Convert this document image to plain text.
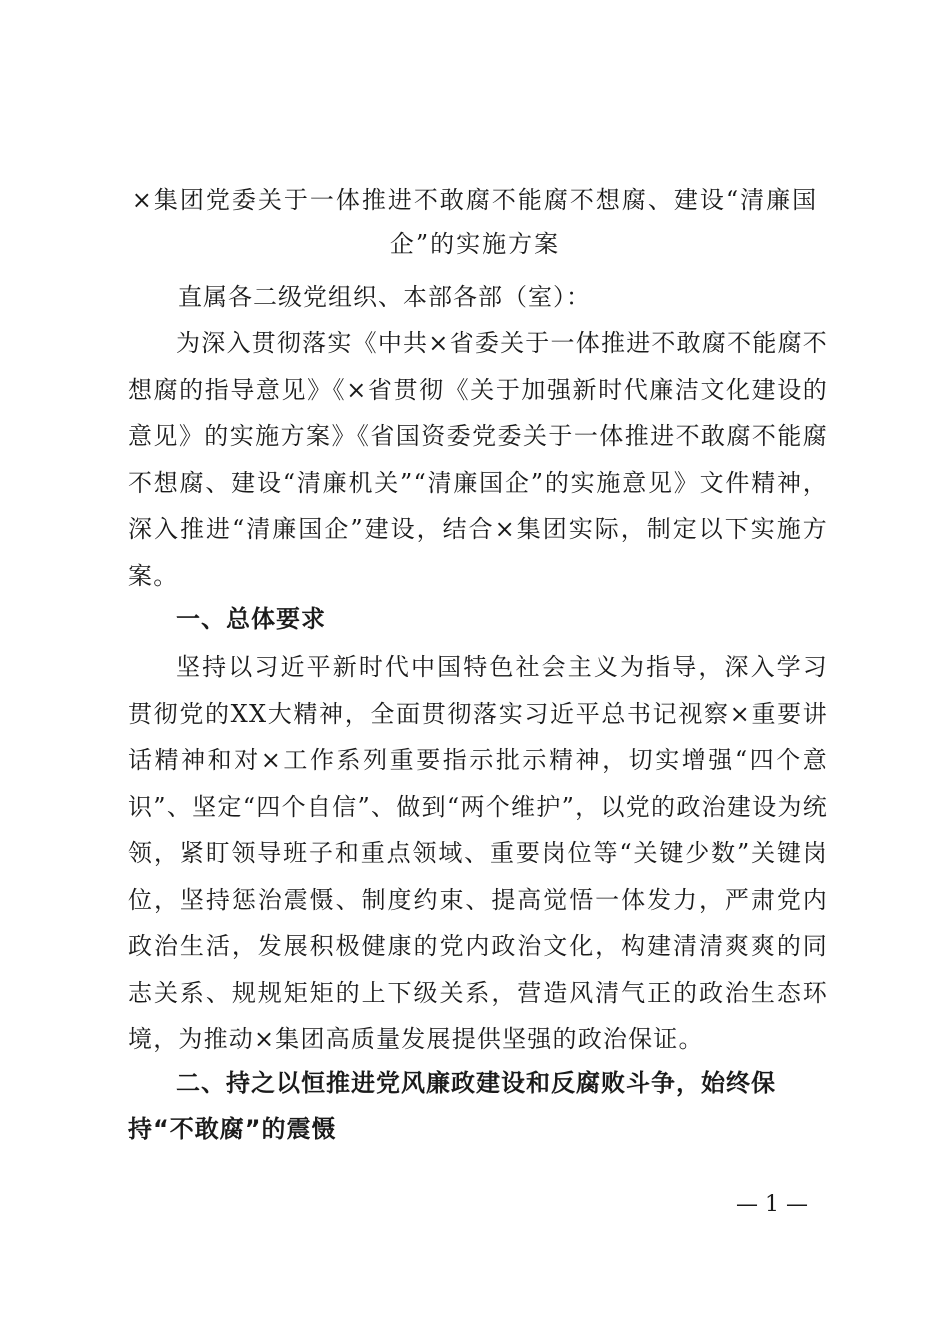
×集团党委关于一体推进不敢腐不能腐不想腐、建设“清廉国企”的实施方案
直属各二级党组织、本部各部（室）：

为深入贯彻落实《中共×省委关于一体推进不敢腐不能腐不想腐的指导意见》《×省贯彻《关于加强新时代廉洁文化建设的意见》的实施方案》《省国资委党委关于一体推进不敢腐不能腐不想腐、建设“清廉机关”“清廉国企”的实施意见》文件精神，深入推进“清廉国企”建设，结合×集团实际，制定以下实施方案。

一、总体要求

坚持以习近平新时代中国特色社会主义为指导，深入学习贯彻党的XX大精神，全面贯彻落实习近平总书记视察×重要讲话精神和对×工作系列重要指示批示精神，切实增强“四个意识”、坚定“四个自信”、做到“两个维护”，以党的政治建设为统领，紧盯领导班子和重点领域、重要岗位等“关键少数”关键岗位，坚持惩治震慑、制度约束、提高觉悟一体发力，严肃党内政治生活，发展积极健康的党内政治文化，构建清清爽爽的同志关系、规规矩矩的上下级关系，营造风清气正的政治生态环境，为推动×集团高质量发展提供坚强的政治保证。

二、持之以恒推进党风廉政建设和反腐败斗争，始终保持“不敢腐”的震慑

— 1 —
